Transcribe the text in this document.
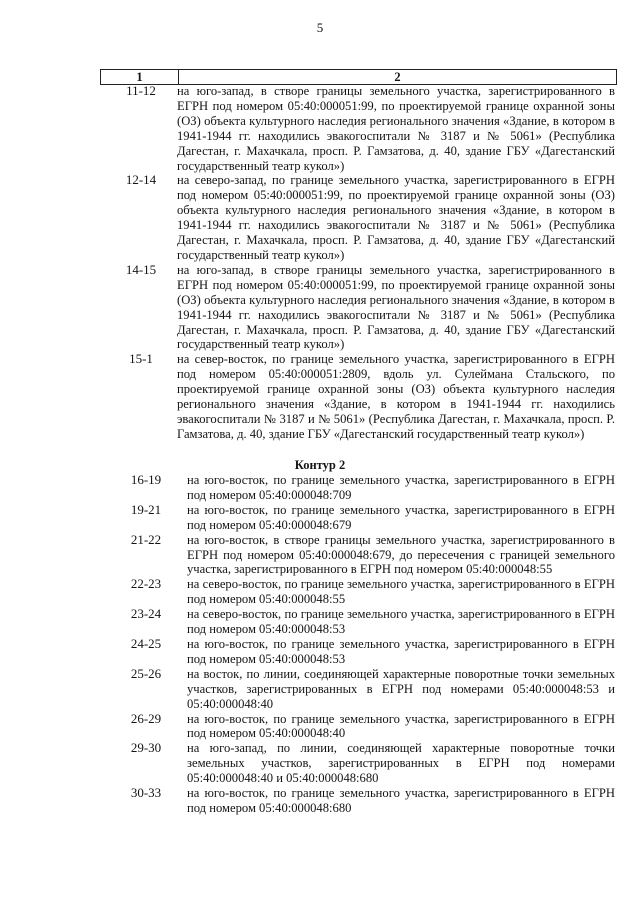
5
1	2
11-12	на юго-запад, в створе границы земельного участка, зарегистрированного в ЕГРН под номером 05:40:000051:99, по проектируемой границе охранной зоны (ОЗ) объекта культурного наследия регионального значения «Здание, в котором в 1941-1944 гг. находились эвакогоспитали № 3187 и № 5061» (Республика Дагестан, г. Махачкала, просп. Р. Гамзатова, д. 40, здание ГБУ «Дагестанский государственный театр кукол»)
12-14	на северо-запад, по границе земельного участка, зарегистрированного в ЕГРН под номером 05:40:000051:99, по проектируемой границе охранной зоны (ОЗ) объекта культурного наследия регионального значения «Здание, в котором в 1941-1944 гг. находились эвакогоспитали № 3187 и № 5061» (Республика Дагестан, г. Махачкала, просп. Р. Гамзатова, д. 40, здание ГБУ «Дагестанский государственный театр кукол»)
14-15	на юго-запад, в створе границы земельного участка, зарегистрированного в ЕГРН под номером 05:40:000051:99, по проектируемой границе охранной зоны (ОЗ) объекта культурного наследия регионального значения «Здание, в котором в 1941-1944 гг. находились эвакогоспитали № 3187 и № 5061» (Республика Дагестан, г. Махачкала, просп. Р. Гамзатова, д. 40, здание ГБУ «Дагестанский государственный театр кукол»)
15-1	на север-восток, по границе земельного участка, зарегистрированного в ЕГРН под номером 05:40:000051:2809, вдоль ул. Сулеймана Стальского, по проектируемой границе охранной зоны (ОЗ) объекта культурного наследия регионального значения «Здание, в котором в 1941-1944 гг. находились эвакогоспитали № 3187 и № 5061» (Республика Дагестан, г. Махачкала, просп. Р. Гамзатова, д. 40, здание ГБУ «Дагестанский государственный театр кукол»)
Контур 2
16-19	на юго-восток, по границе земельного участка, зарегистрированного в ЕГРН под номером 05:40:000048:709
19-21	на юго-восток, по границе земельного участка, зарегистрированного в ЕГРН под номером 05:40:000048:679
21-22	на юго-восток, в створе границы земельного участка, зарегистрированного в ЕГРН под номером 05:40:000048:679, до пересечения с границей земельного участка, зарегистрированного в ЕГРН под номером 05:40:000048:55
22-23	на северо-восток, по границе земельного участка, зарегистрированного в ЕГРН под номером 05:40:000048:55
23-24	на северо-восток, по границе земельного участка, зарегистрированного в ЕГРН под номером 05:40:000048:53
24-25	на юго-восток, по границе земельного участка, зарегистрированного в ЕГРН под номером 05:40:000048:53
25-26	на восток, по линии, соединяющей характерные поворотные точки земельных участков, зарегистрированных в ЕГРН под номерами 05:40:000048:53 и 05:40:000048:40
26-29	на юго-восток, по границе земельного участка, зарегистрированного в ЕГРН под номером 05:40:000048:40
29-30	на юго-запад, по линии, соединяющей характерные поворотные точки земельных участков, зарегистрированных в ЕГРН под номерами 05:40:000048:40 и 05:40:000048:680
30-33	на юго-восток, по границе земельного участка, зарегистрированного в ЕГРН под номером 05:40:000048:680
